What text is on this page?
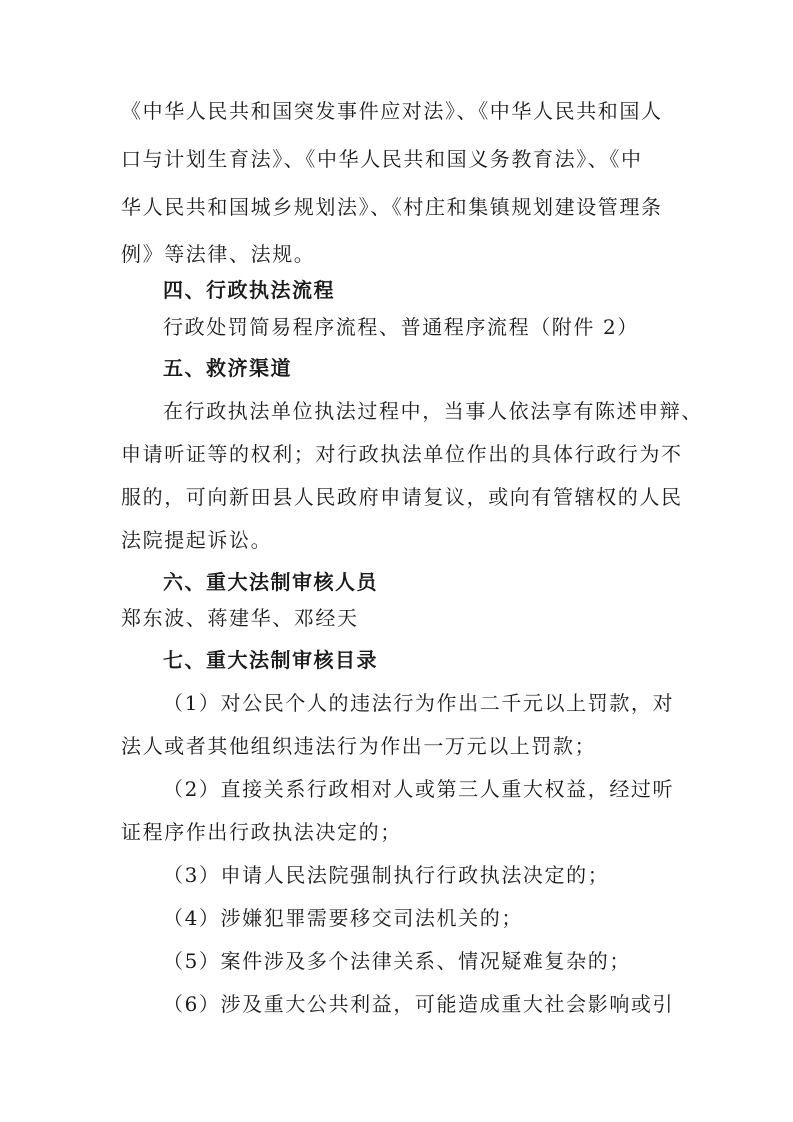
《中华人民共和国突发事件应对法》、《中华人民共和国人
口与计划生育法》、《中华人民共和国义务教育法》、《中
华人民共和国城乡规划法》、《村庄和集镇规划建设管理条
例》等法律、法规。
四、行政执法流程
行政处罚简易程序流程、普通程序流程（附件 2）
五、救济渠道
在行政执法单位执法过程中，当事人依法享有陈述申辩、
申请听证等的权利；对行政执法单位作出的具体行政行为不
服的，可向新田县人民政府申请复议，或向有管辖权的人民
法院提起诉讼。
六、重大法制审核人员
郑东波、蒋建华、邓经天
七、重大法制审核目录
（1）对公民个人的违法行为作出二千元以上罚款，对
法人或者其他组织违法行为作出一万元以上罚款；
（2）直接关系行政相对人或第三人重大权益，经过听
证程序作出行政执法决定的；
（3）申请人民法院强制执行行政执法决定的；
（4）涉嫌犯罪需要移交司法机关的；
（5）案件涉及多个法律关系、情况疑难复杂的；
（6）涉及重大公共利益，可能造成重大社会影响或引
